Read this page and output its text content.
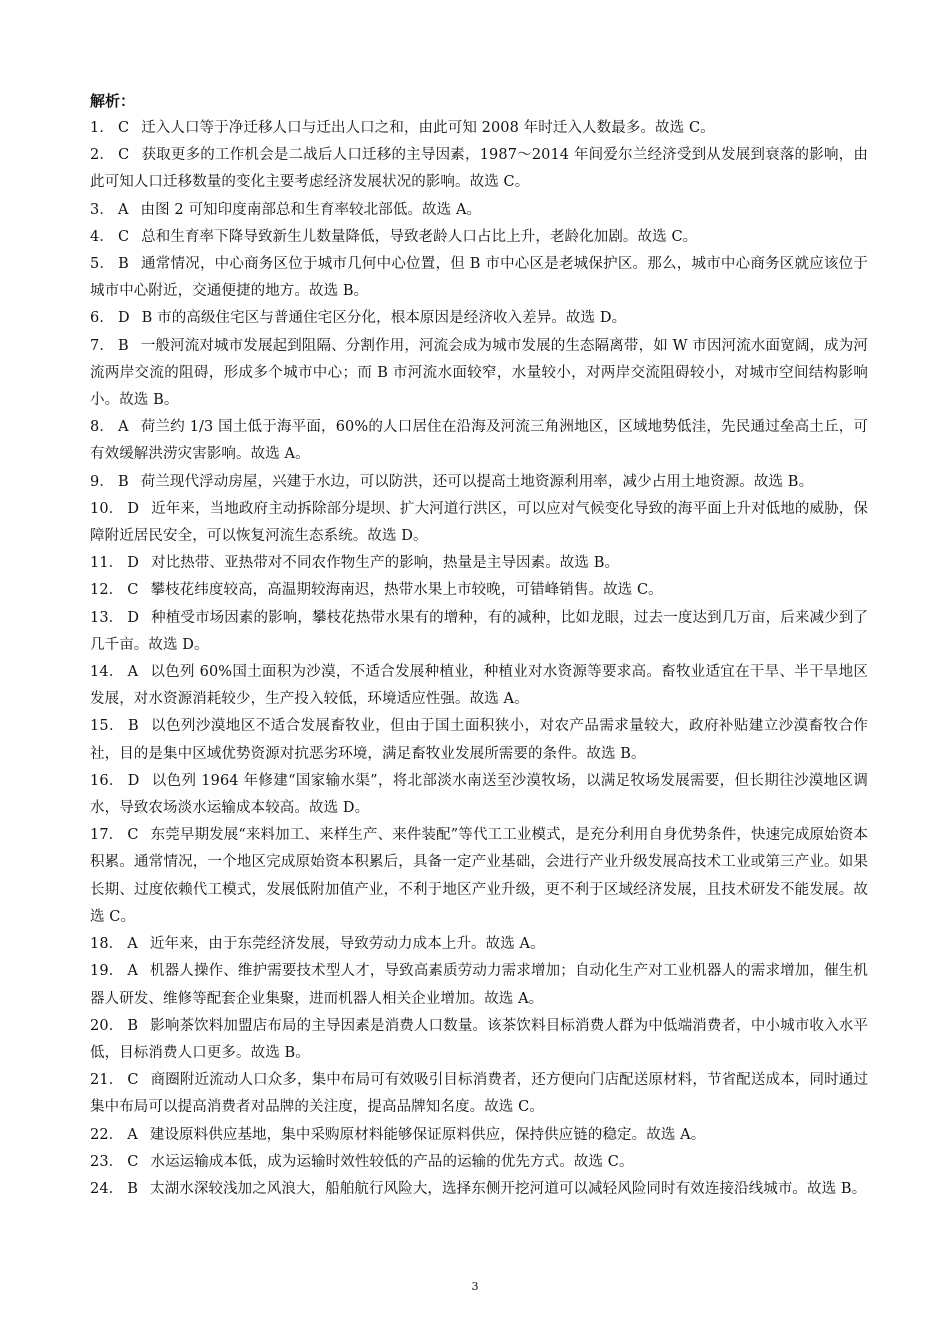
解析：
1． C 迁入人口等于净迁移人口与迁出人口之和，由此可知 2008 年时迁入人数最多。故选 C。
2． C 获取更多的工作机会是二战后人口迁移的主导因素，1987～2014 年间爱尔兰经济受到从发展到衰落的影响，由此可知人口迁移数量的变化主要考虑经济发展状况的影响。故选 C。
3． A 由图 2 可知印度南部总和生育率较北部低。故选 A。
4． C 总和生育率下降导致新生儿数量降低，导致老龄人口占比上升，老龄化加剧。故选 C。
5． B 通常情况，中心商务区位于城市几何中心位置，但 B 市中心区是老城保护区。那么，城市中心商务区就应该位于城市中心附近，交通便捷的地方。故选 B。
6． D B 市的高级住宅区与普通住宅区分化，根本原因是经济收入差异。故选 D。
7． B 一般河流对城市发展起到阻隔、分割作用，河流会成为城市发展的生态隔离带，如 W 市因河流水面宽阔，成为河流两岸交流的阻碍，形成多个城市中心；而 B 市河流水面较窄，水量较小，对两岸交流阻碍较小，对城市空间结构影响小。故选 B。
8． A 荷兰约 1/3 国土低于海平面，60%的人口居住在沿海及河流三角洲地区，区域地势低洼，先民通过垒高土丘，可有效缓解洪涝灾害影响。故选 A。
9． B 荷兰现代浮动房屋，兴建于水边，可以防洪，还可以提高土地资源利用率，减少占用土地资源。故选 B。
10． D 近年来，当地政府主动拆除部分堤坝、扩大河道行洪区，可以应对气候变化导致的海平面上升对低地的威胁，保障附近居民安全，可以恢复河流生态系统。故选 D。
11． D 对比热带、亚热带对不同农作物生产的影响，热量是主导因素。故选 B。
12． C 攀枝花纬度较高，高温期较海南迟，热带水果上市较晚，可错峰销售。故选 C。
13． D 种植受市场因素的影响，攀枝花热带水果有的增种，有的减种，比如龙眼，过去一度达到几万亩，后来减少到了几千亩。故选 D。
14． A 以色列 60%国土面积为沙漠，不适合发展种植业，种植业对水资源等要求高。畜牧业适宜在干旱、半干旱地区发展，对水资源消耗较少，生产投入较低，环境适应性强。故选 A。
15． B 以色列沙漠地区不适合发展畜牧业，但由于国土面积狭小，对农产品需求量较大，政府补贴建立沙漠畜牧合作社，目的是集中区域优势资源对抗恶劣环境，满足畜牧业发展所需要的条件。故选 B。
16． D 以色列 1964 年修建“国家输水渠”，将北部淡水南送至沙漠牧场，以满足牧场发展需要，但长期往沙漠地区调水，导致农场淡水运输成本较高。故选 D。
17． C 东莞早期发展“来料加工、来样生产、来件装配”等代工工业模式，是充分利用自身优势条件，快速完成原始资本积累。通常情况，一个地区完成原始资本积累后，具备一定产业基础，会进行产业升级发展高技术工业或第三产业。如果长期、过度依赖代工模式，发展低附加值产业，不利于地区产业升级，更不利于区域经济发展，且技术研发不能发展。故选 C。
18． A 近年来，由于东莞经济发展，导致劳动力成本上升。故选 A。
19． A 机器人操作、维护需要技术型人才，导致高素质劳动力需求增加；自动化生产对工业机器人的需求增加，催生机器人研发、维修等配套企业集聚，进而机器人相关企业增加。故选 A。
20． B 影响茶饮料加盟店布局的主导因素是消费人口数量。该茶饮料目标消费人群为中低端消费者，中小城市收入水平低，目标消费人口更多。故选 B。
21． C 商圈附近流动人口众多，集中布局可有效吸引目标消费者，还方便向门店配送原材料，节省配送成本，同时通过集中布局可以提高消费者对品牌的关注度，提高品牌知名度。故选 C。
22． A 建设原料供应基地，集中采购原材料能够保证原料供应，保持供应链的稳定。故选 A。
23． C 水运运输成本低，成为运输时效性较低的产品的运输的优先方式。故选 C。
24． B 太湖水深较浅加之风浪大，船舶航行风险大，选择东侧开挖河道可以减轻风险同时有效连接沿线城市。故选 B。
3
